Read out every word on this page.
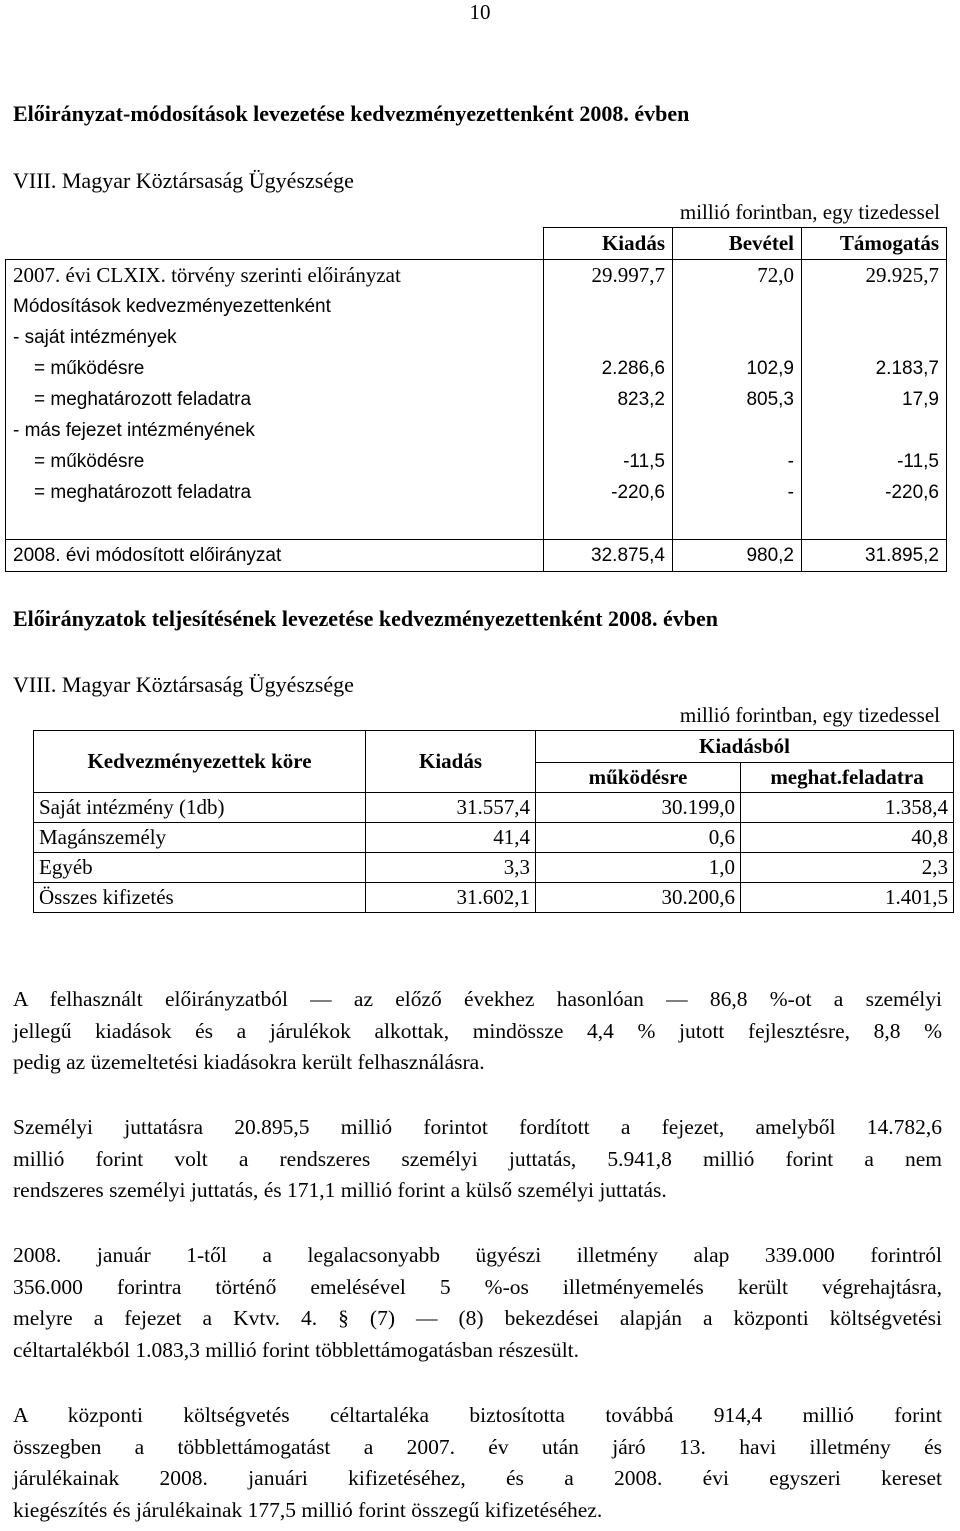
10
Előirányzat-módosítások levezetése kedvezményezettenként 2008. évben
VIII. Magyar Köztársaság Ügyészsége
millió forintban, egy tizedessel
	Kiadás	Bevétel	Támogatás
2007. évi CLXIX. törvény szerinti előirányzat	29.997,7	72,0	29.925,7
Módosítások kedvezményezettenként			
- saját intézmények			
= működésre	2.286,6	102,9	2.183,7
= meghatározott feladatra	823,2	805,3	17,9
- más fejezet intézményének			
= működésre	-11,5	-	-11,5
= meghatározott feladatra	-220,6	-	-220,6

2008. évi módosított előirányzat	32.875,4	980,2	31.895,2
Előirányzatok teljesítésének levezetése kedvezményezettenként 2008. évben
VIII. Magyar Köztársaság Ügyészsége
millió forintban, egy tizedessel
Kedvezményezettek köre	Kiadás	Kiadásból	
		működésre	meghat.feladatra
Saját intézmény (1db)	31.557,4	30.199,0	1.358,4
Magánszemély	41,4	0,6	40,8
Egyéb	3,3	1,0	2,3
Összes kifizetés	31.602,1	30.200,6	1.401,5
A felhasznált előirányzatból — az előző évekhez hasonlóan — 86,8 %-ot a személyi
jellegű kiadások és a járulékok alkottak, mindössze 4,4 % jutott fejlesztésre, 8,8 %
pedig az üzemeltetési kiadásokra került felhasználásra.
Személyi juttatásra 20.895,5 millió forintot fordított a fejezet, amelyből 14.782,6
millió forint volt a rendszeres személyi juttatás, 5.941,8 millió forint a nem
rendszeres személyi juttatás, és 171,1 millió forint a külső személyi juttatás.
2008. január 1-től a legalacsonyabb ügyészi illetmény alap 339.000 forintról
356.000 forintra történő emelésével 5 %-os illetményemelés került végrehajtásra,
melyre a fejezet a Kvtv. 4. § (7) — (8) bekezdései alapján a központi költségvetési
céltartalékból 1.083,3 millió forint többlettámogatásban részesült.
A központi költségvetés céltartaléka biztosította továbbá 914,4 millió forint
összegben a többlettámogatást a 2007. év után járó 13. havi illetmény és
járulékainak 2008. januári kifizetéséhez, és a 2008. évi egyszeri kereset
kiegészítés és járulékainak 177,5 millió forint összegű kifizetéséhez.
